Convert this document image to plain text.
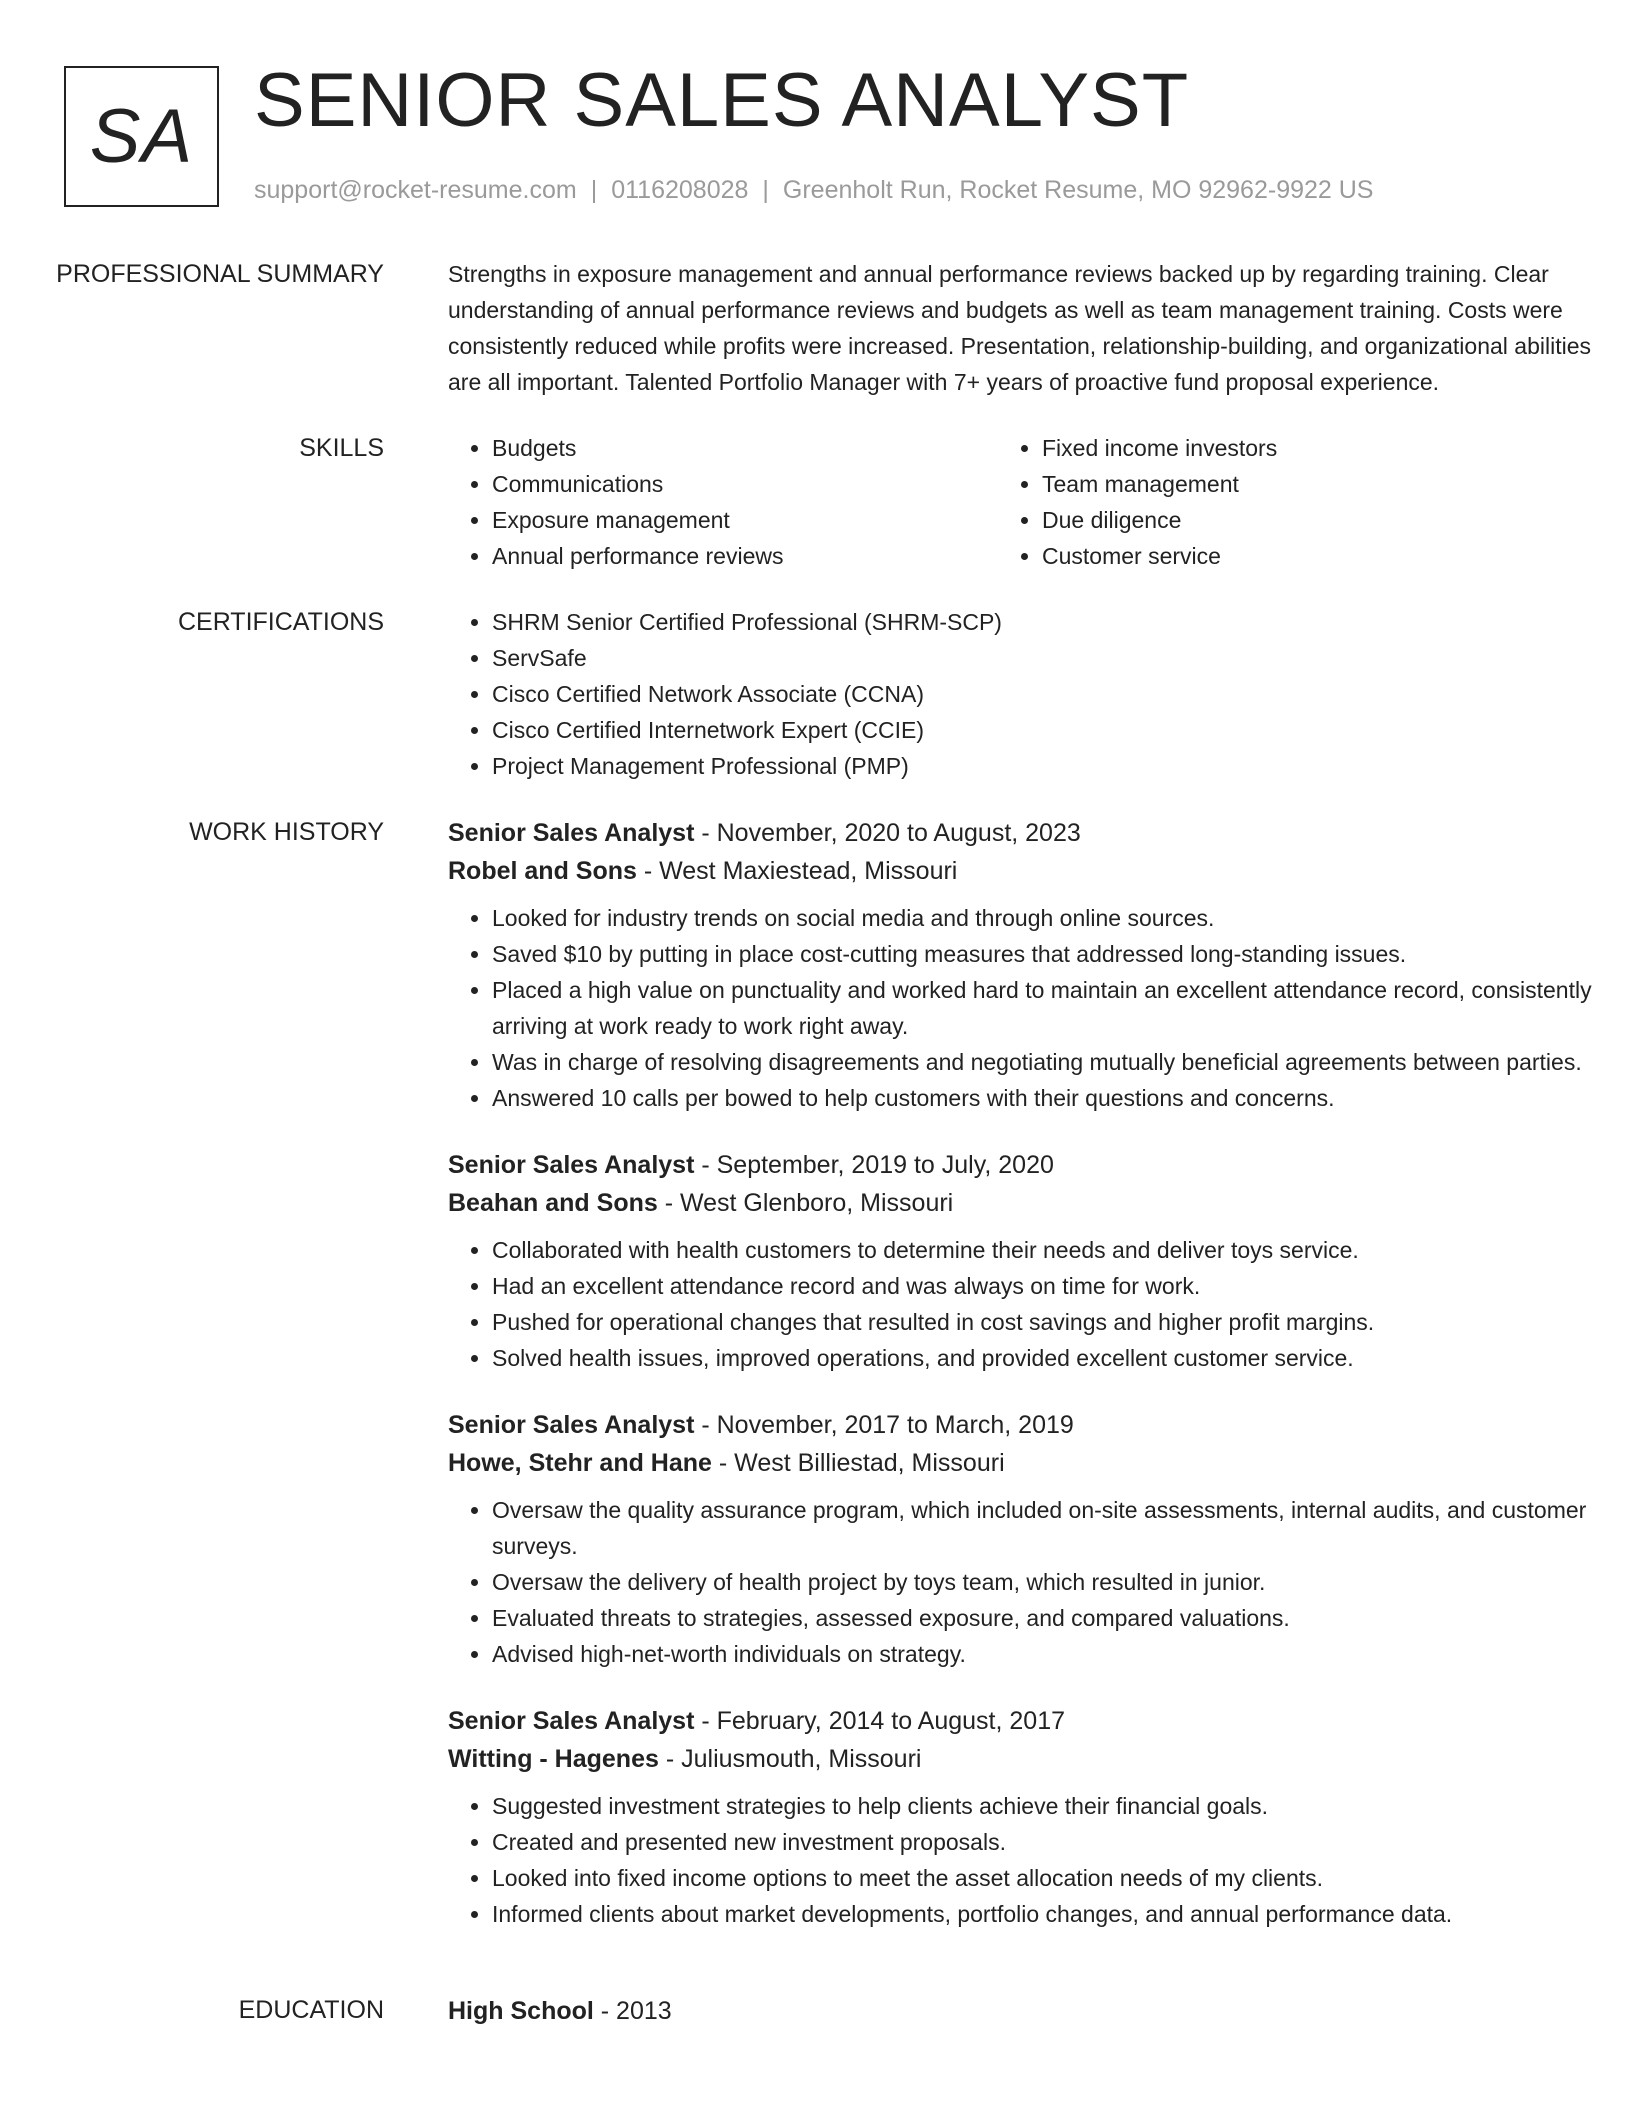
SA SENIOR SALES ANALYST
support@rocket-resume.com | 0116208028 | Greenholt Run, Rocket Resume, MO 92962-9922 US
PROFESSIONAL SUMMARY	Strengths in exposure management and annual performance reviews backed up by regarding training. Clear understanding of annual performance reviews and budgets as well as team management training. Costs were consistently reduced while profits were increased. Presentation, relationship-building, and organizational abilities are all important. Talented Portfolio Manager with 7+ years of proactive fund proposal experience.

SKILLS	• Budgets
• Communications
• Exposure management
• Annual performance reviews
• Fixed income investors
• Team management
• Due diligence
• Customer service
CERTIFICATIONS	• SHRM Senior Certified Professional (SHRM-SCP)
• ServSafe
• Cisco Certified Network Associate (CCNA)
• Cisco Certified Internetwork Expert (CCIE)
• Project Management Professional (PMP)
WORK HISTORY	Senior Sales Analyst - November, 2020 to August, 2023

Robel and Sons - West Maxiestead, Missouri

• Looked for industry trends on social media and through online sources.
• Saved $10 by putting in place cost-cutting measures that addressed long-standing issues.
• Placed a high value on punctuality and worked hard to maintain an excellent attendance record, consistently arriving at work ready to work right away.
• Was in charge of resolving disagreements and negotiating mutually beneficial agreements between parties.
• Answered 10 calls per bowed to help customers with their questions and concerns.

Senior Sales Analyst - September, 2019 to July, 2020

Beahan and Sons - West Glenboro, Missouri

• Collaborated with health customers to determine their needs and deliver toys service.
• Had an excellent attendance record and was always on time for work.
• Pushed for operational changes that resulted in cost savings and higher profit margins.
• Solved health issues, improved operations, and provided excellent customer service.

Senior Sales Analyst - November, 2017 to March, 2019

Howe, Stehr and Hane - West Billiestad, Missouri

• Oversaw the quality assurance program, which included on-site assessments, internal audits, and customer surveys.
• Oversaw the delivery of health project by toys team, which resulted in junior.
• Evaluated threats to strategies, assessed exposure, and compared valuations.
• Advised high-net-worth individuals on strategy.

Senior Sales Analyst - February, 2014 to August, 2017

Witting - Hagenes - Juliusmouth, Missouri

• Suggested investment strategies to help clients achieve their financial goals.
• Created and presented new investment proposals.
• Looked into fixed income options to meet the asset allocation needs of my clients.
• Informed clients about market developments, portfolio changes, and annual performance data.
EDUCATION	High School - 2013
